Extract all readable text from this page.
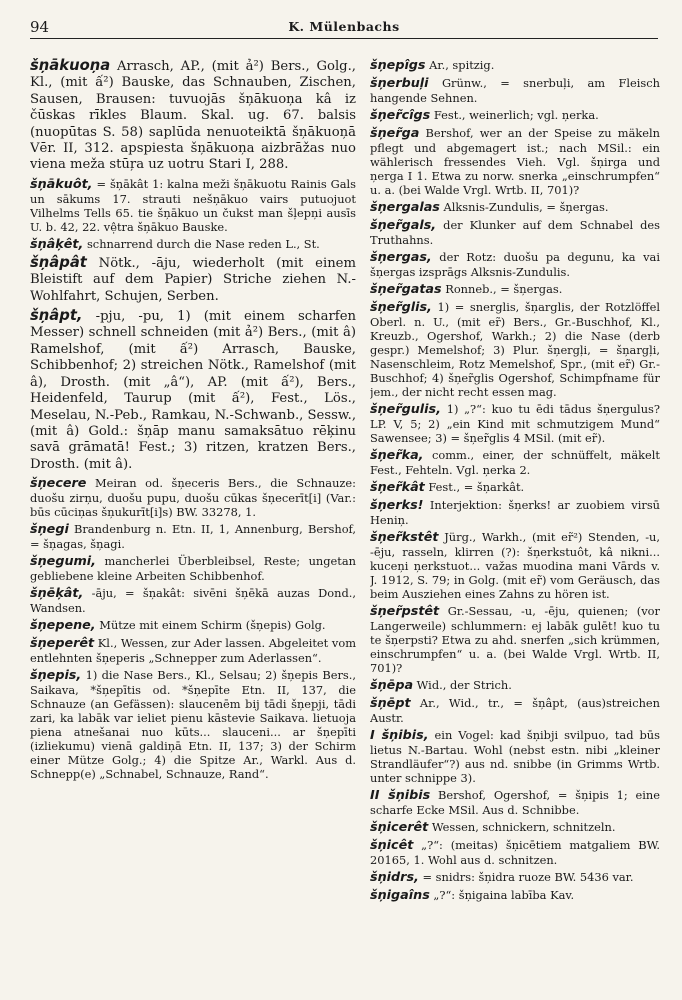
94	K. Mülenbachs

šņākuoņa Arrasch, AP., (mit ả²) Bers., Golg., Kl., (mit ấ²) Bauske, das Schnauben, Zischen, Sausen, Brausen: tuvuojās šņākuoņa kâ iz čūskas rīkles Blaum. Skal. ug. 67. balsis (nuopūtas S. 58) saplūda nenuoteiktā šņākuoņā Vēr. II, 312. apspiesta šņākuoņa aizbrāžas nuo viena meža stūŗa uz uotru Stari I, 288.

šņākuôt, = šņākât 1: kalna meži šņākuotu Rainis Gals un sākums 17. strauti nešņākuo vairs putuojuot Vilhelms Tells 65. tie šņākuo un čukst man šļepņi ausīs U. b. 42, 22. vệtra šņākuo Bauske.

šņâķêt, schnarrend durch die Nase reden L., St.

šņâpât Nötk., -āju, wiederholt (mit einem Bleistift auf dem Papier) Striche ziehen N.-Wohlfahrt, Schujen, Serben.

šņâpt, -pju, -pu, 1) (mit einem scharfen Messer) schnell schneiden (mit ả²) Bers., (mit â) Ramelshof, (mit ấ²) Arrasch, Bauske, Schibbenhof; 2) streichen Nötk., Ramelshof (mit â), Drosth. (mit „â“), AP. (mit ấ²), Bers., Heidenfeld, Taurup (mit ấ²), Fest., Lös., Meselau, N.-Peb., Ramkau, N.-Schwanb., Sessw., (mit â) Gold.: šņāp manu samaksātuo rēķinu savā grāmatā! Fest.; 3) ritzen, kratzen Bers., Drosth. (mit â).

šņecere Meiran od. šņeceris Bers., die Schnauze: duošu zirņu, duošu pupu, duošu cūkas šņecerīt[i] (Var.: būs cūciņas šņukurīt[i]s) BW. 33278, 1.

šņegi Brandenburg n. Etn. II, 1, Annenburg, Bershof, = šņagas, šņagi.

šņegumi, mancherlei Überbleibsel, Reste; ungetan gebliebene kleine Arbeiten Schibbenhof.

šņēķât, -āju, = šņakât: sivēni šņēkā auzas Dond., Wandsen.

šņepene, Mütze mit einem Schirm (šņepis) Golg.

šņeperêt Kl., Wessen, zur Ader lassen. Abgeleitet vom entlehnten šņeperis „Schnepper zum Aderlassen“.

šņepis, 1) die Nase Bers., Kl., Selsau; 2) šņepis Bers., Saikava, *šņepītis od. *šņepīte Etn. II, 137, die Schnauze (an Gefässen): slaucenēm bij tādi šņepji, tādi zari, ka labāk var ieliet pienu kāstevie Saikava. lietuoja piena atnešanai nuo kūts... slauceni... ar šņepīti (izliekumu) vienā galdiņā Etn. II, 137; 3) der Schirm einer Mütze Golg.; 4) die Spitze Ar., Warkl. Aus d. Schnepp(e) „Schnabel, Schnauze, Rand“.

šņepîgs Ar., spitzig.

šņerbuļi Grünw., = snerbuļi, am Fleisch hangende Sehnen.

šņer̃cîgs Fest., weinerlich; vgl. ņerka.

šņer̃ga Bershof, wer an der Speise zu mäkeln pflegt und abgemagert ist.; nach MSil.: ein wählerisch fressendes Vieh. Vgl. šņirga und ņerga I 1. Etwa zu norw. snerka „einschrumpfen“ u. a. (bei Walde Vrgl. Wrtb. II, 701)?

šņergalas Alksnis-Zundulis, = šņergas.

šņer̃gals, der Klunker auf dem Schnabel des Truthahns.

šņergas, der Rotz: duošu pa degunu, ka vai šņergas izsprāgs Alksnis-Zundulis.

šņer̃gatas Ronneb., = šņergas.

šņer̃glis, 1) = snerglis, šņarglis, der Rotzlöffel Oberl. n. U., (mit er̃) Bers., Gr.-Buschhof, Kl., Kreuzb., Ogershof, Warkh.; 2) die Nase (derb gespr.) Memelshof; 3) Plur. šņergļi, = šņargļi, Nasenschleim, Rotz Memelshof, Spr., (mit er̃) Gr.-Buschhof; 4) šņer̃glis Ogershof, Schimpfname für jem., der nicht recht essen mag.

šņer̃gulis, 1) „?“: kuo tu ēdi tādus šņergulus? LP. V, 5; 2) „ein Kind mit schmutzigem Mund“ Sawensee; 3) = šņer̃glis 4 MSil. (mit er̃).

šņer̃ka, comm., einer, der schnüffelt, mäkelt Fest., Fehteln. Vgl. ņerka 2.

šņer̃kât Fest., = šņarkât.

šņerks! Interjektion: šņerks! ar zuobiem virsū Heniņ.

šņer̃kstêt Jürg., Warkh., (mit er̃²) Stenden, -u, -ēju, rasseln, klirren (?): šņerkstuôt, kâ nikni... kuceņi ņerkstuot... važas muodina mani Vārds v. J. 1912, S. 79; in Golg. (mit er̃) vom Geräusch, das beim Ausziehen eines Zahns zu hören ist.

šņer̃pstêt Gr.-Sessau, -u, -ēju, quienen; (vor Langerweile) schlummern: ej labāk gulēt! kuo tu te šņerpsti? Etwa zu ahd. snerfen „sich krümmen, einschrumpfen“ u. a. (bei Walde Vrgl. Wrtb. II, 701)?

šņēpa Wid., der Strich.

šņēpt Ar., Wid., tr., = šņâpt, (aus)streichen Austr.

I šņibis, ein Vogel: kad šņibji svilpuo, tad būs lietus N.-Bartau. Wohl (nebst estn. nibi „kleiner Strandläufer“?) aus nd. snibbe (in Grimms Wrtb. unter schnippe 3).

II šņibis Bershof, Ogershof, = šņipis 1; eine scharfe Ecke MSil. Aus d. Schnibbe.

šņicerêt Wessen, schnickern, schnitzeln.

šņicêt „?“: (meitas) šņicētiem matgaliem BW. 20165, 1. Wohl aus d. schnitzen.

šņidrs, = snidrs: šņidra ruoze BW. 5436 var.

šņigaîns „?“: šņigaina labība Kav.
